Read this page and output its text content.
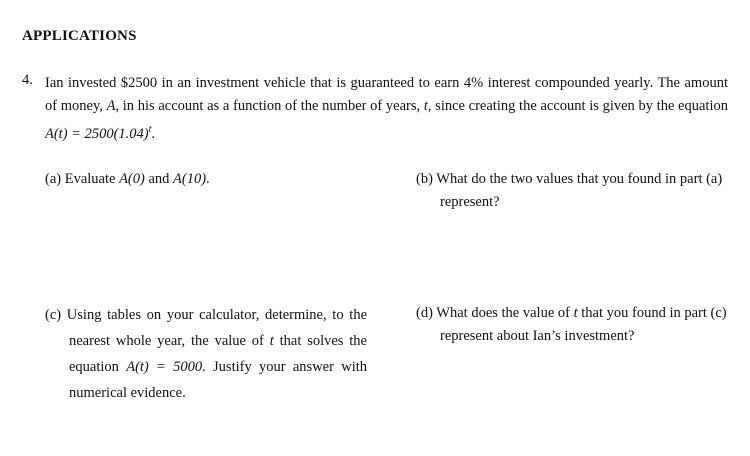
APPLICATIONS
4. Ian invested $2500 in an investment vehicle that is guaranteed to earn 4% interest compounded yearly. The amount of money, A, in his account as a function of the number of years, t, since creating the account is given by the equation $A(t) = 2500(1.04)^t$.
(a) Evaluate A(0) and A(10).	(b) What do the two values that you found in part (a) represent?
(c) Using tables on your calculator, determine, to the nearest whole year, the value of t that solves the equation A(t) = 5000. Justify your answer with numerical evidence.
(d) What does the value of t that you found in part (c) represent about Ian’s investment?
